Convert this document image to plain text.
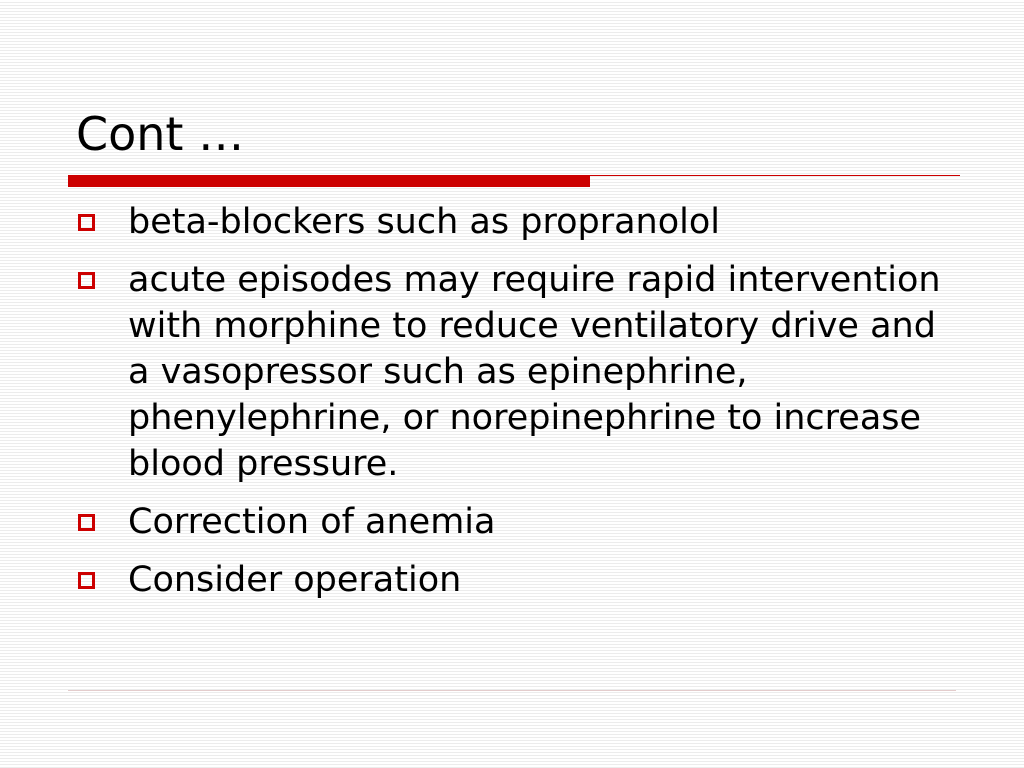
Cont …
beta-blockers such as propranolol
acute episodes may require rapid intervention with morphine to reduce ventilatory drive and a vasopressor such as epinephrine, phenylephrine, or norepinephrine to increase blood pressure.
Correction of anemia
Consider operation
